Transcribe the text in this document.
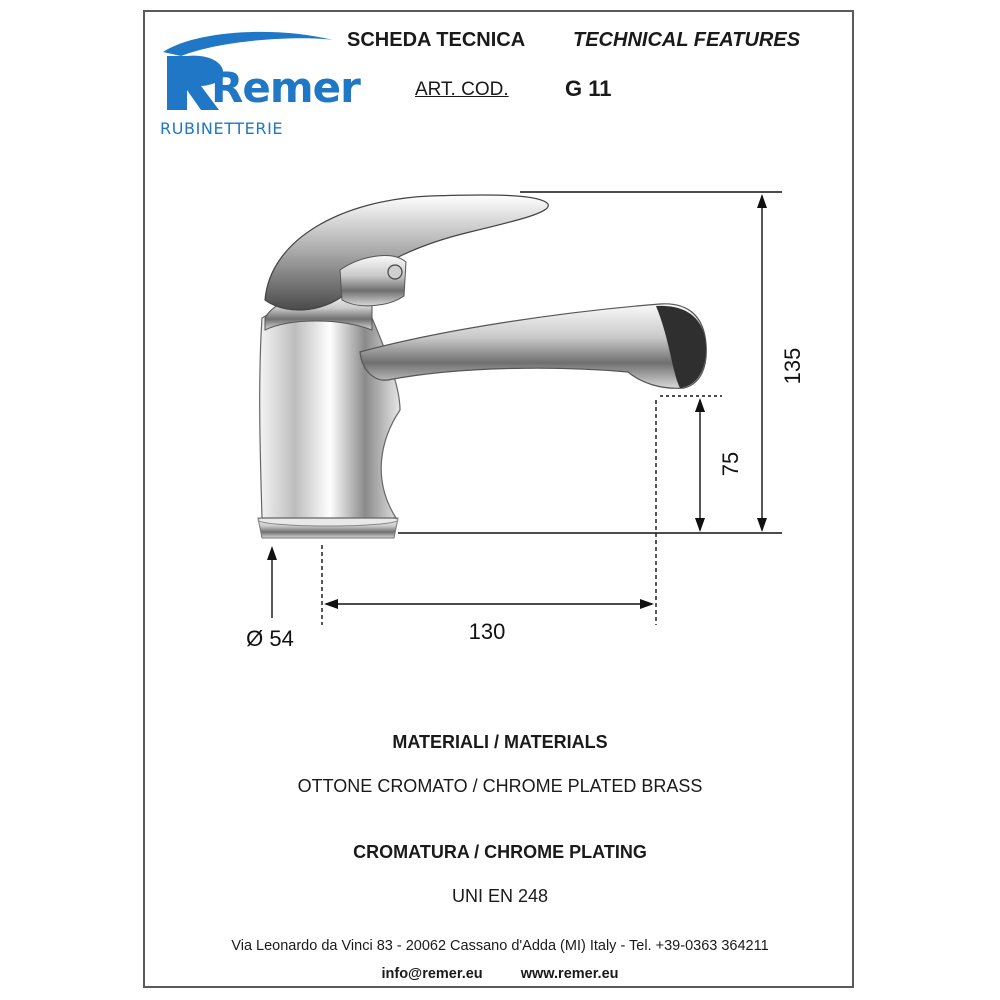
Remer
RUBINETTERIE
SCHEDA TECNICA TECHNICAL FEATURES
ART. COD.	G 11
135
75
130
Ø 54
MATERIALI / MATERIALS
OTTONE CROMATO / CHROME PLATED BRASS
CROMATURA / CHROME PLATING
UNI EN 248
Via Leonardo da Vinci 83 - 20062 Cassano d'Adda (MI) Italy - Tel. +39-0363 364211
info@remer.eu	www.remer.eu
